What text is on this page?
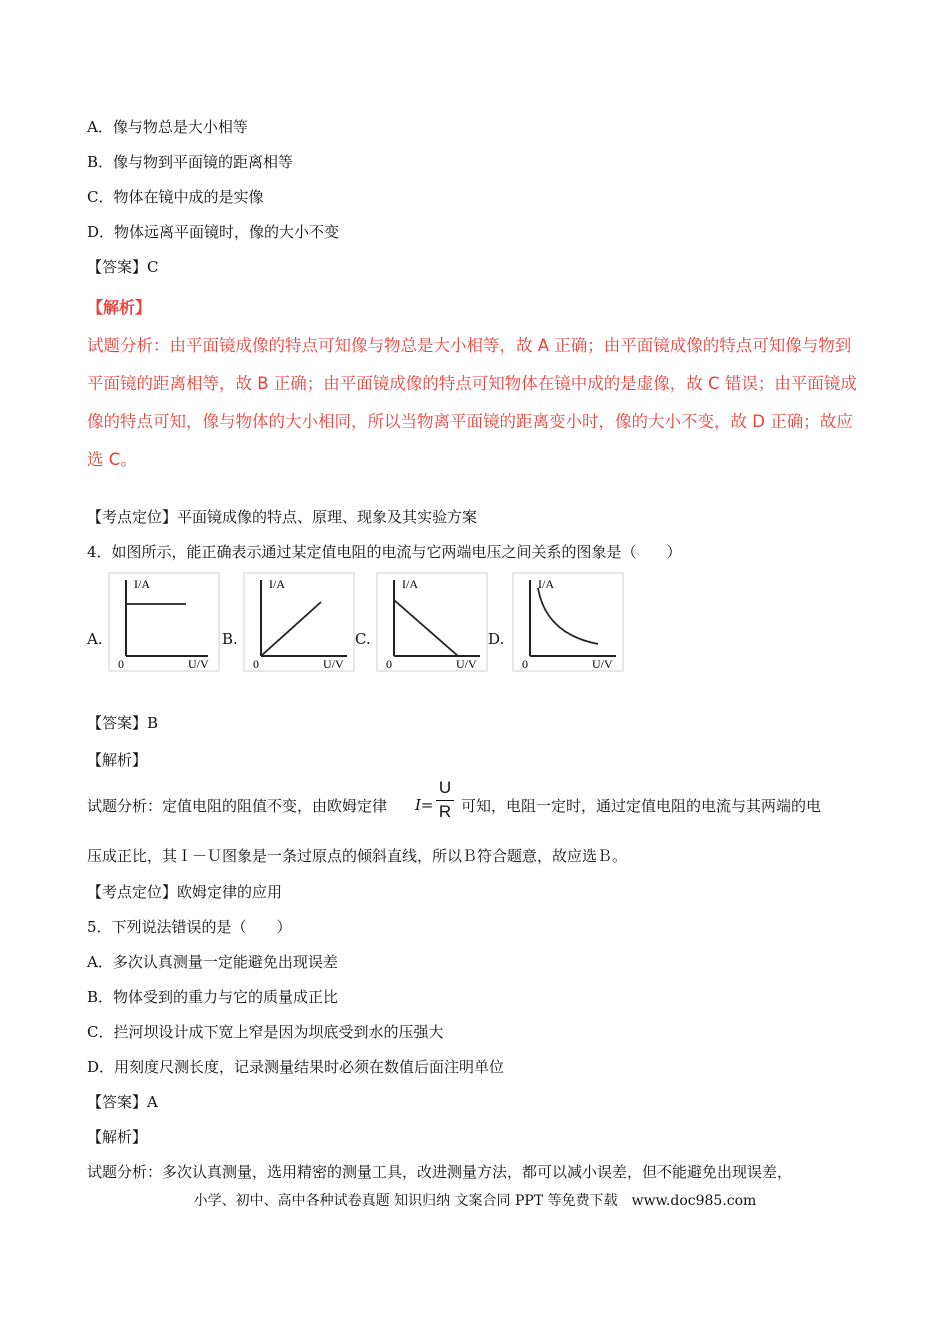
A．像与物总是大小相等
B．像与物到平面镜的距离相等
C．物体在镜中成的是实像
D．物体远离平面镜时，像的大小不变
【答案】C
【解析】
试题分析：由平面镜成像的特点可知像与物总是大小相等，故 A 正确；由平面镜成像的特点可知像与物到
平面镜的距离相等，故 B 正确；由平面镜成像的特点可知物体在镜中成的是虚像，故 C 错误；由平面镜成
像的特点可知，像与物体的大小相同，所以当物离平面镜的距离变小时，像的大小不变，故 D 正确；故应
选 C。
【考点定位】平面镜成像的特点、原理、现象及其实验方案
4．如图所示，能正确表示通过某定值电阻的电流与它两端电压之间关系的图象是（　　）
A.
I/A
0	U/V
B.
I/A
0	U/V
C.
I/A
0	U/V
D.
I/A
0	U/V
【答案】B
【解析】
试题分析：定值电阻的阻值不变，由欧姆定律 I=
U
R 可知，电阻一定时，通过定值电阻的电流与其两端的电
压成正比，其Ｉ－Ｕ图象是一条过原点的倾斜直线，所以Ｂ符合题意，故应选Ｂ。
【考点定位】欧姆定律的应用
5．下列说法错误的是（　　）
A．多次认真测量一定能避免出现误差
B．物体受到的重力与它的质量成正比
C．拦河坝设计成下宽上窄是因为坝底受到水的压强大
D．用刻度尺测长度，记录测量结果时必须在数值后面注明单位
【答案】A
【解析】
试题分析：多次认真测量，选用精密的测量工具，改进测量方法，都可以减小误差，但不能避免出现误差，
小学、初中、高中各种试卷真题 知识归纳 文案合同 PPT 等免费下载　www.doc985.com
